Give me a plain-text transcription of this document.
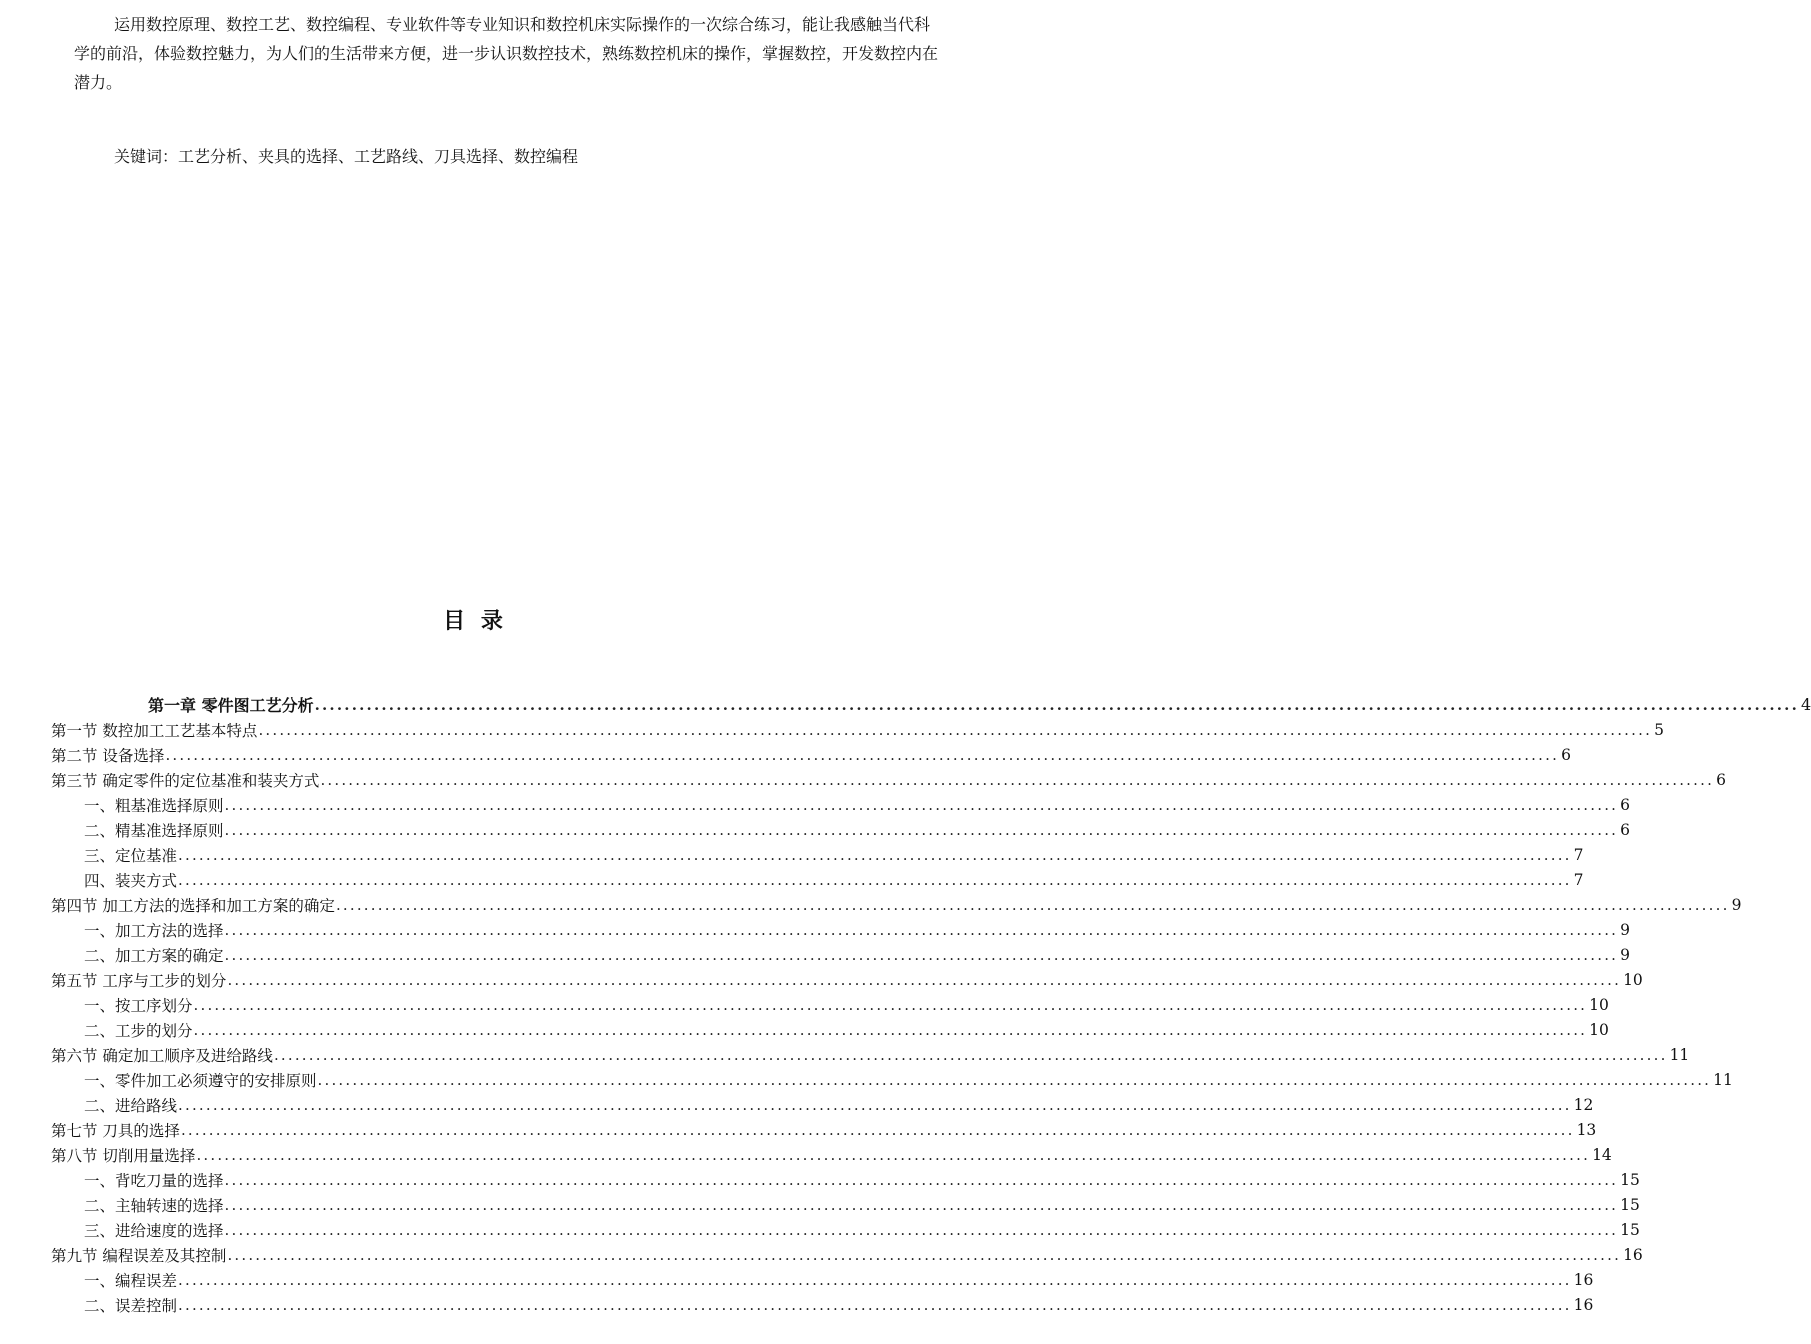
运用数控原理、数控工艺、数控编程、专业软件等专业知识和数控机床实际操作的一次综合练习，能让我感触当代科学的前沿，体验数控魅力，为人们的生活带来方便，进一步认识数控技术，熟练数控机床的操作，掌握数控，开发数控内在潜力。

关键词：工艺分析、夹具的选择、工艺路线、刀具选择、数控编程

目 录
第一章 零件图工艺分析 ........................................................................................................................................................................................................ 4
第一节 数控加工工艺基本特点 ........................................................................................................................................................................................................ 5
第二节 设备选择 ........................................................................................................................................................................................................ 6
第三节 确定零件的定位基准和装夹方式 ........................................................................................................................................................................................................ 6
一、粗基准选择原则 ........................................................................................................................................................................................................ 6
二、精基准选择原则 ........................................................................................................................................................................................................ 6
三、定位基准 ........................................................................................................................................................................................................ 7
四、装夹方式 ........................................................................................................................................................................................................ 7
第四节 加工方法的选择和加工方案的确定 ........................................................................................................................................................................................................ 9
一、加工方法的选择 ........................................................................................................................................................................................................ 9
二、加工方案的确定 ........................................................................................................................................................................................................ 9
第五节 工序与工步的划分 ........................................................................................................................................................................................................ 10
一、按工序划分 ........................................................................................................................................................................................................ 10
二、工步的划分 ........................................................................................................................................................................................................ 10
第六节 确定加工顺序及进给路线 ........................................................................................................................................................................................................ 11
一、零件加工必须遵守的安排原则 ........................................................................................................................................................................................................ 11
二、进给路线 ........................................................................................................................................................................................................ 12
第七节 刀具的选择 ........................................................................................................................................................................................................ 13
第八节 切削用量选择 ........................................................................................................................................................................................................ 14
一、背吃刀量的选择 ........................................................................................................................................................................................................ 15
二、主轴转速的选择 ........................................................................................................................................................................................................ 15
三、进给速度的选择 ........................................................................................................................................................................................................ 15
第九节 编程误差及其控制 ........................................................................................................................................................................................................ 16
一、编程误差 ........................................................................................................................................................................................................ 16
二、误差控制 ........................................................................................................................................................................................................ 16
